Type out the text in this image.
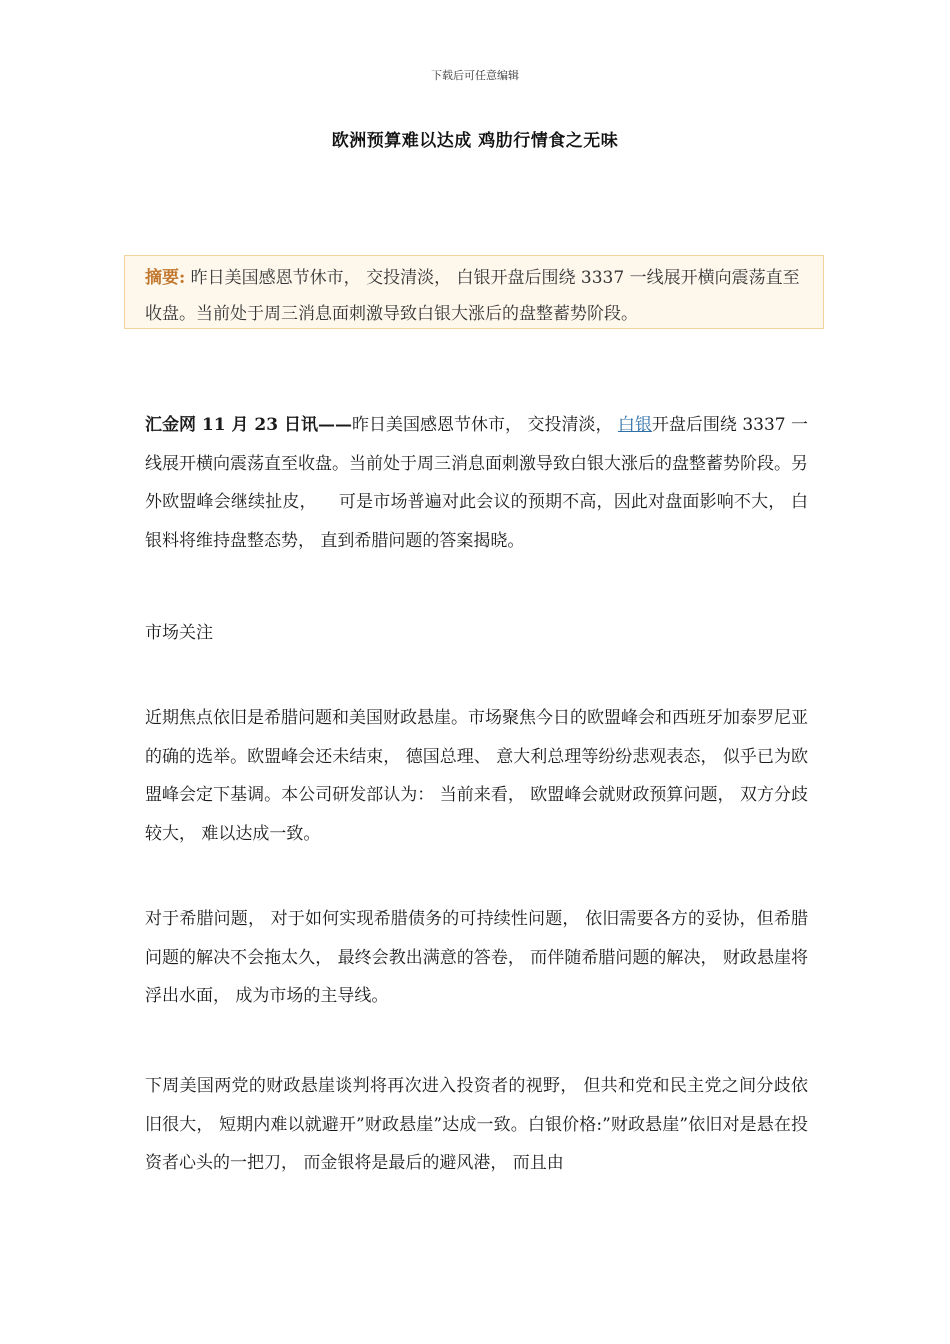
下载后可任意编辑
欧洲预算难以达成 鸡肋行情食之无味
摘要: 昨日美国感恩节休市， 交投清淡， 白银开盘后围绕 3337 一线展开横向震荡直至收盘。当前处于周三消息面刺激导致白银大涨后的盘整蓄势阶段。

汇金网 11 月 23 日讯——昨日美国感恩节休市， 交投清淡， 白银开盘后围绕 3337 一线展开横向震荡直至收盘。当前处于周三消息面刺激导致白银大涨后的盘整蓄势阶段。另外欧盟峰会继续扯皮， 可是市场普遍对此会议的预期不高，因此对盘面影响不大， 白银料将维持盘整态势， 直到希腊问题的答案揭晓。

市场关注

近期焦点依旧是希腊问题和美国财政悬崖。市场聚焦今日的欧盟峰会和西班牙加泰罗尼亚的确的选举。欧盟峰会还未结束， 德国总理、 意大利总理等纷纷悲观表态， 似乎已为欧盟峰会定下基调。本公司研发部认为： 当前来看， 欧盟峰会就财政预算问题， 双方分歧较大， 难以达成一致。

对于希腊问题， 对于如何实现希腊债务的可持续性问题， 依旧需要各方的妥协，但希腊问题的解决不会拖太久， 最终会教出满意的答卷， 而伴随希腊问题的解决， 财政悬崖将浮出水面， 成为市场的主导线。

下周美国两党的财政悬崖谈判将再次进入投资者的视野， 但共和党和民主党之间分歧依旧很大， 短期内难以就避开”财政悬崖”达成一致。白银价格:”财政悬崖”依旧对是悬在投资者心头的一把刀， 而金银将是最后的避风港， 而且由
